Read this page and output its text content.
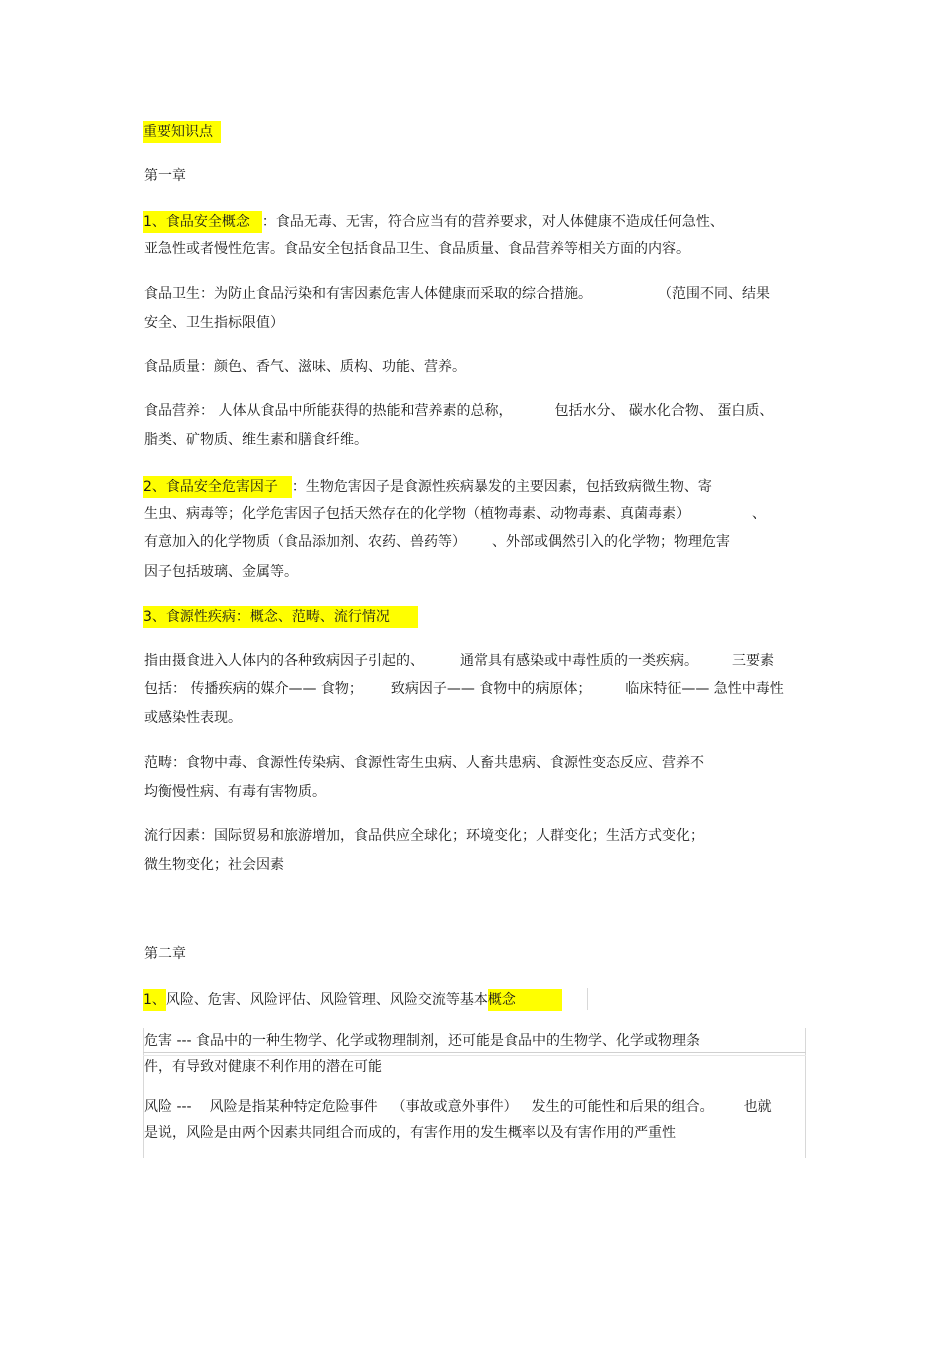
重要知识点
第一章
1、食品安全概念 ：食品无毒、无害，符合应当有的营养要求，对人体健康不造成任何急性、
亚急性或者慢性危害。食品安全包括食品卫生、食品质量、食品营养等相关方面的内容。
食品卫生：为防止食品污染和有害因素危害人体健康而采取的综合措施。	（范围不同、结果
安全、卫生指标限值）
食品质量：颜色、香气、滋味、质构、功能、营养。
食品营养： 人体从食品中所能获得的热能和营养素的总称，	包括水分、 碳水化合物、 蛋白质、
脂类、矿物质、维生素和膳食纤维。
2、食品安全危害因子 ：生物危害因子是食源性疾病暴发的主要因素，包括致病微生物、寄
生虫、病毒等；化学危害因子包括天然存在的化学物（植物毒素、动物毒素、真菌毒素）	、
有意加入的化学物质（食品添加剂、农药、兽药等） 、外部或偶然引入的化学物；物理危害
因子包括玻璃、金属等。
3、食源性疾病：概念、范畴、流行情况
指由摄食进入人体内的各种致病因子引起的、	通常具有感染或中毒性质的一类疾病。 三要素
包括： 传播疾病的媒介—— 食物； 致病因子—— 食物中的病原体； 临床特征—— 急性中毒性
或感染性表现。
范畴：食物中毒、食源性传染病、食源性寄生虫病、人畜共患病、食源性变态反应、营养不
均衡慢性病、有毒有害物质。
流行因素：国际贸易和旅游增加，食品供应全球化；环境变化；人群变化；生活方式变化；
微生物变化；社会因素
第二章
1、风险、危害、风险评估、风险管理、风险交流等基本概念
危害 --- 食品中的一种生物学、化学或物理制剂，还可能是食品中的生物学、化学或物理条
件，有导致对健康不利作用的潜在可能
风险 --- 风险是指某种特定危险事件 （事故或意外事件） 发生的可能性和后果的组合。 也就
是说，风险是由两个因素共同组合而成的，有害作用的发生概率以及有害作用的严重性
